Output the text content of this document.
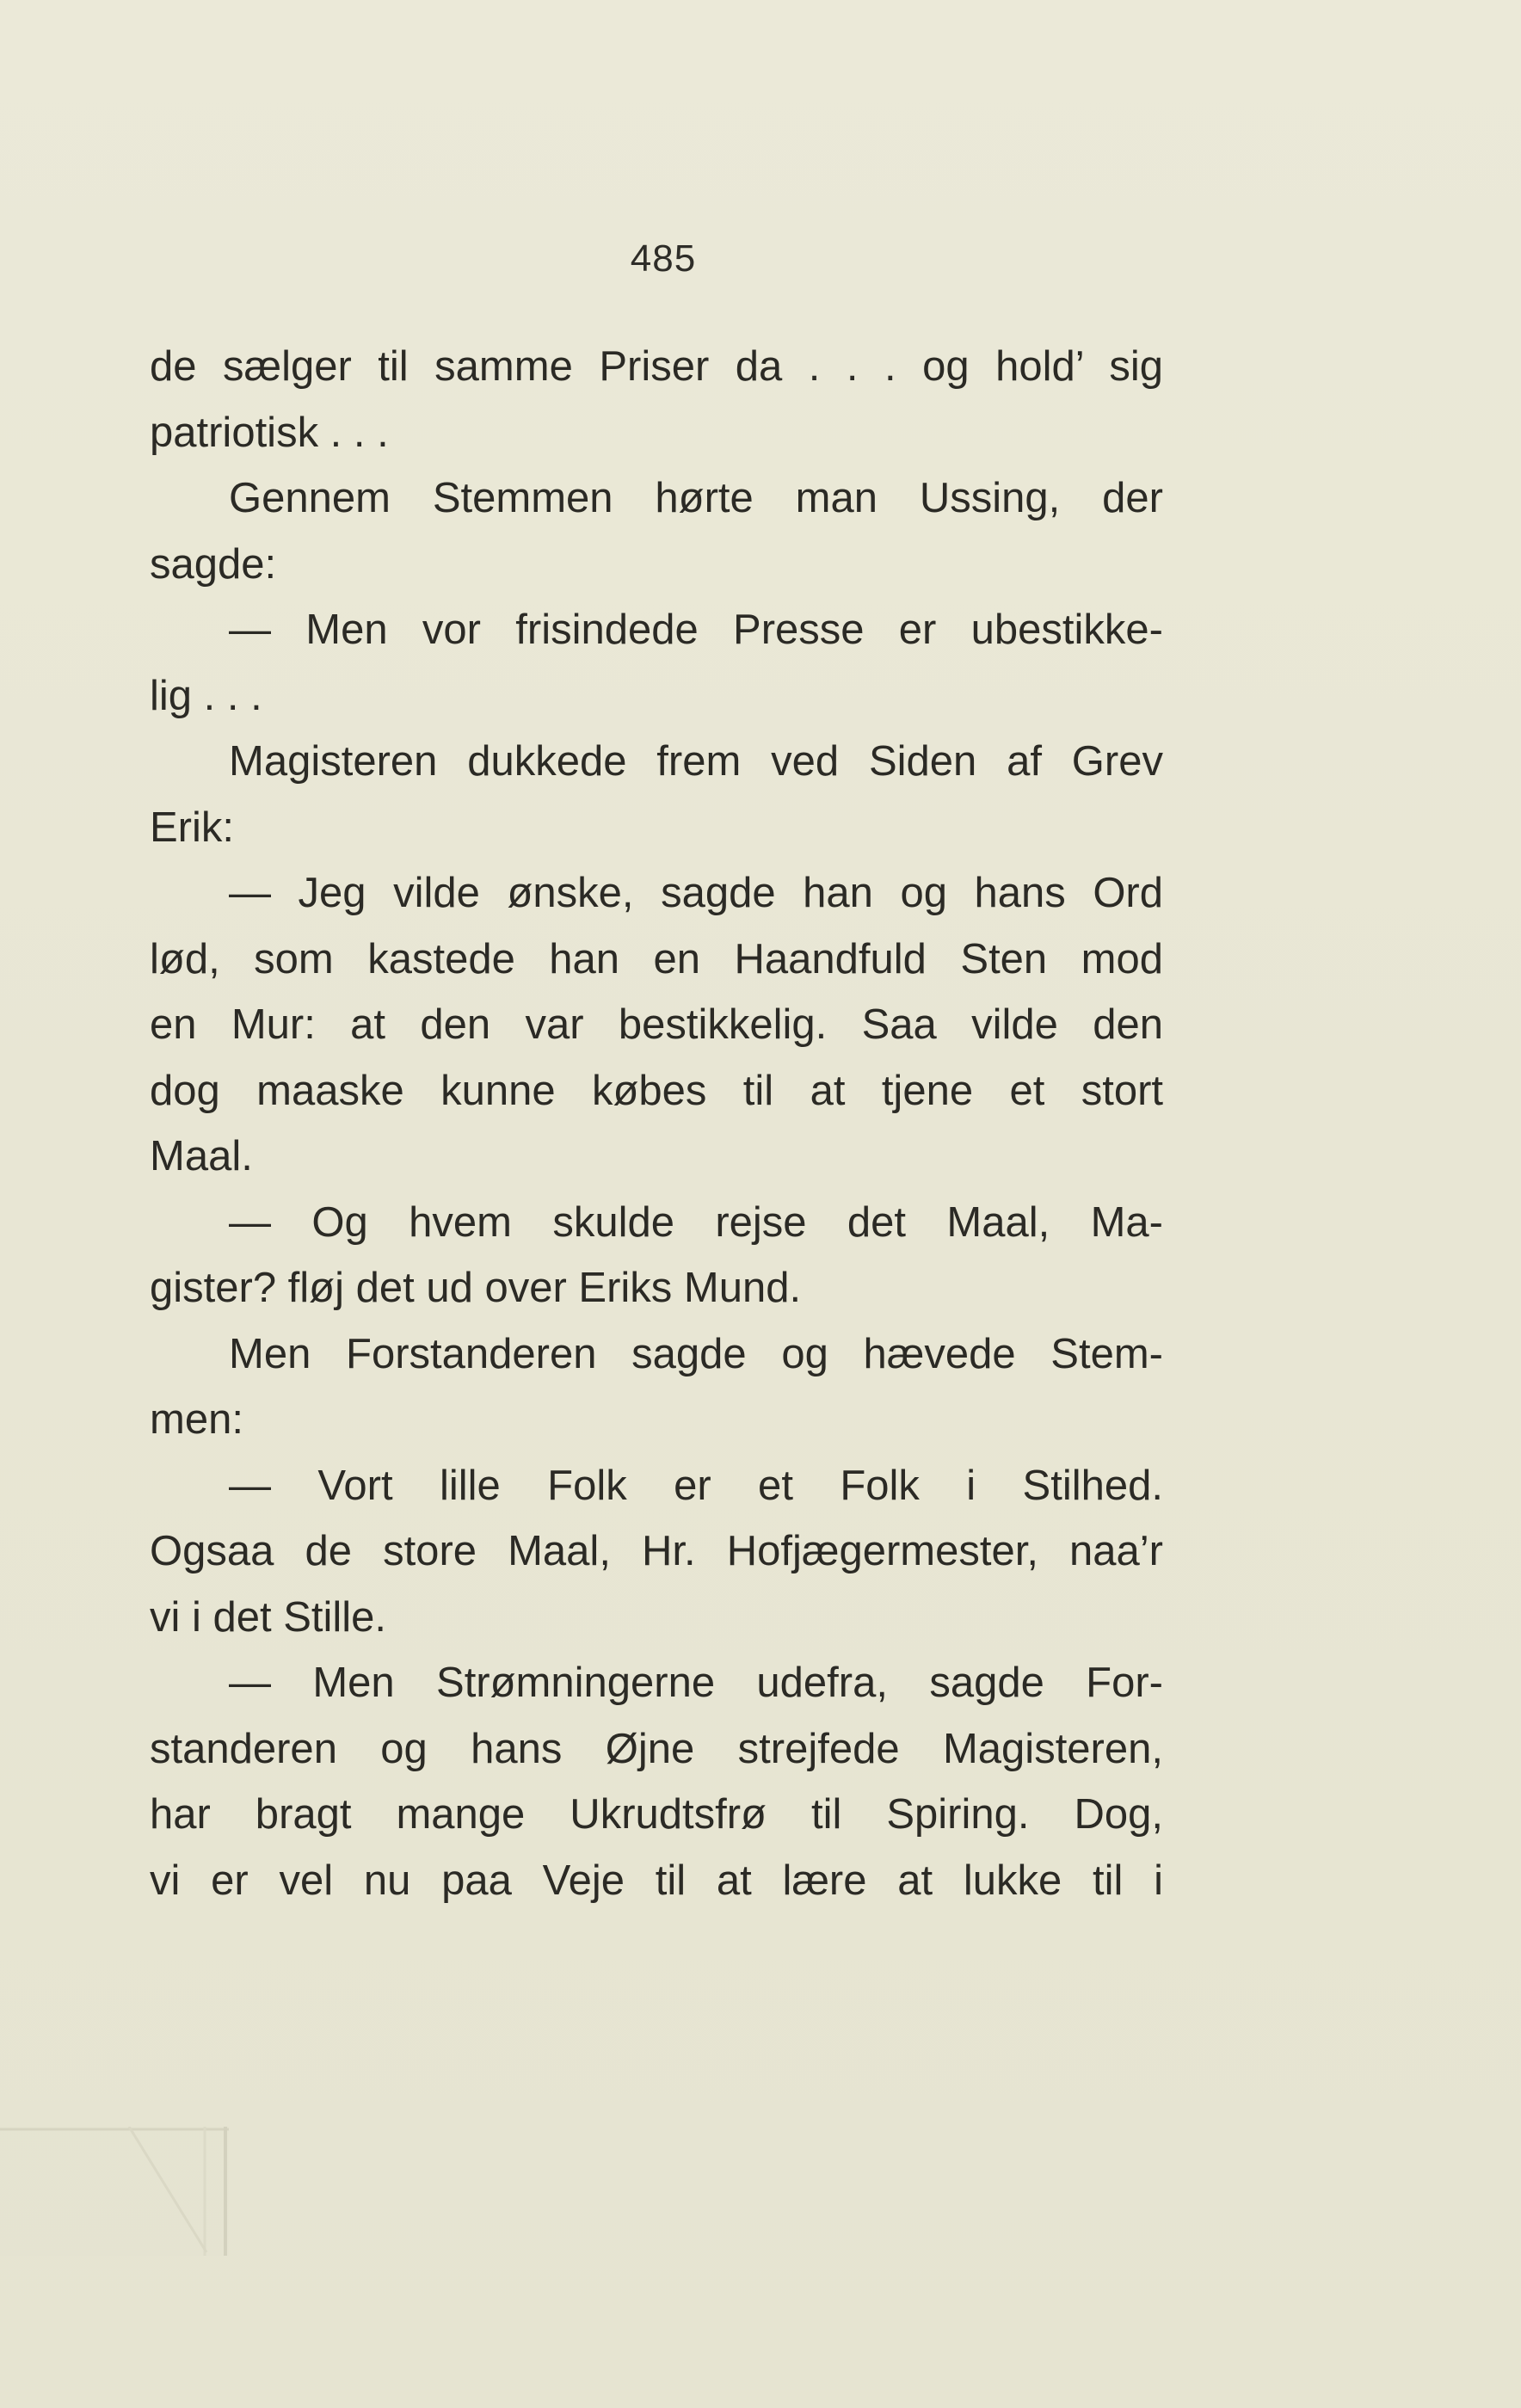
485
de sælger til samme Priser da . . . og hold’ sig
patriotisk . . .
Gennem Stemmen hørte man Ussing, der
sagde:
— Men vor frisindede Presse er ubestikke-
lig . . .
Magisteren dukkede frem ved Siden af Grev
Erik:
— Jeg vilde ønske, sagde han og hans Ord
lød, som kastede han en Haandfuld Sten mod
en Mur: at den var bestikkelig. Saa vilde den
dog maaske kunne købes til at tjene et stort
Maal.
— Og hvem skulde rejse det Maal, Ma-
gister? fløj det ud over Eriks Mund.
Men Forstanderen sagde og hævede Stem-
men:
— Vort lille Folk er et Folk i Stilhed.
Ogsaa de store Maal, Hr. Hofjægermester, naa’r
vi i det Stille.
— Men Strømningerne udefra, sagde For-
standeren og hans Øjne strejfede Magisteren,
har bragt mange Ukrudtsfrø til Spiring. Dog,
vi er vel nu paa Veje til at lære at lukke til i
